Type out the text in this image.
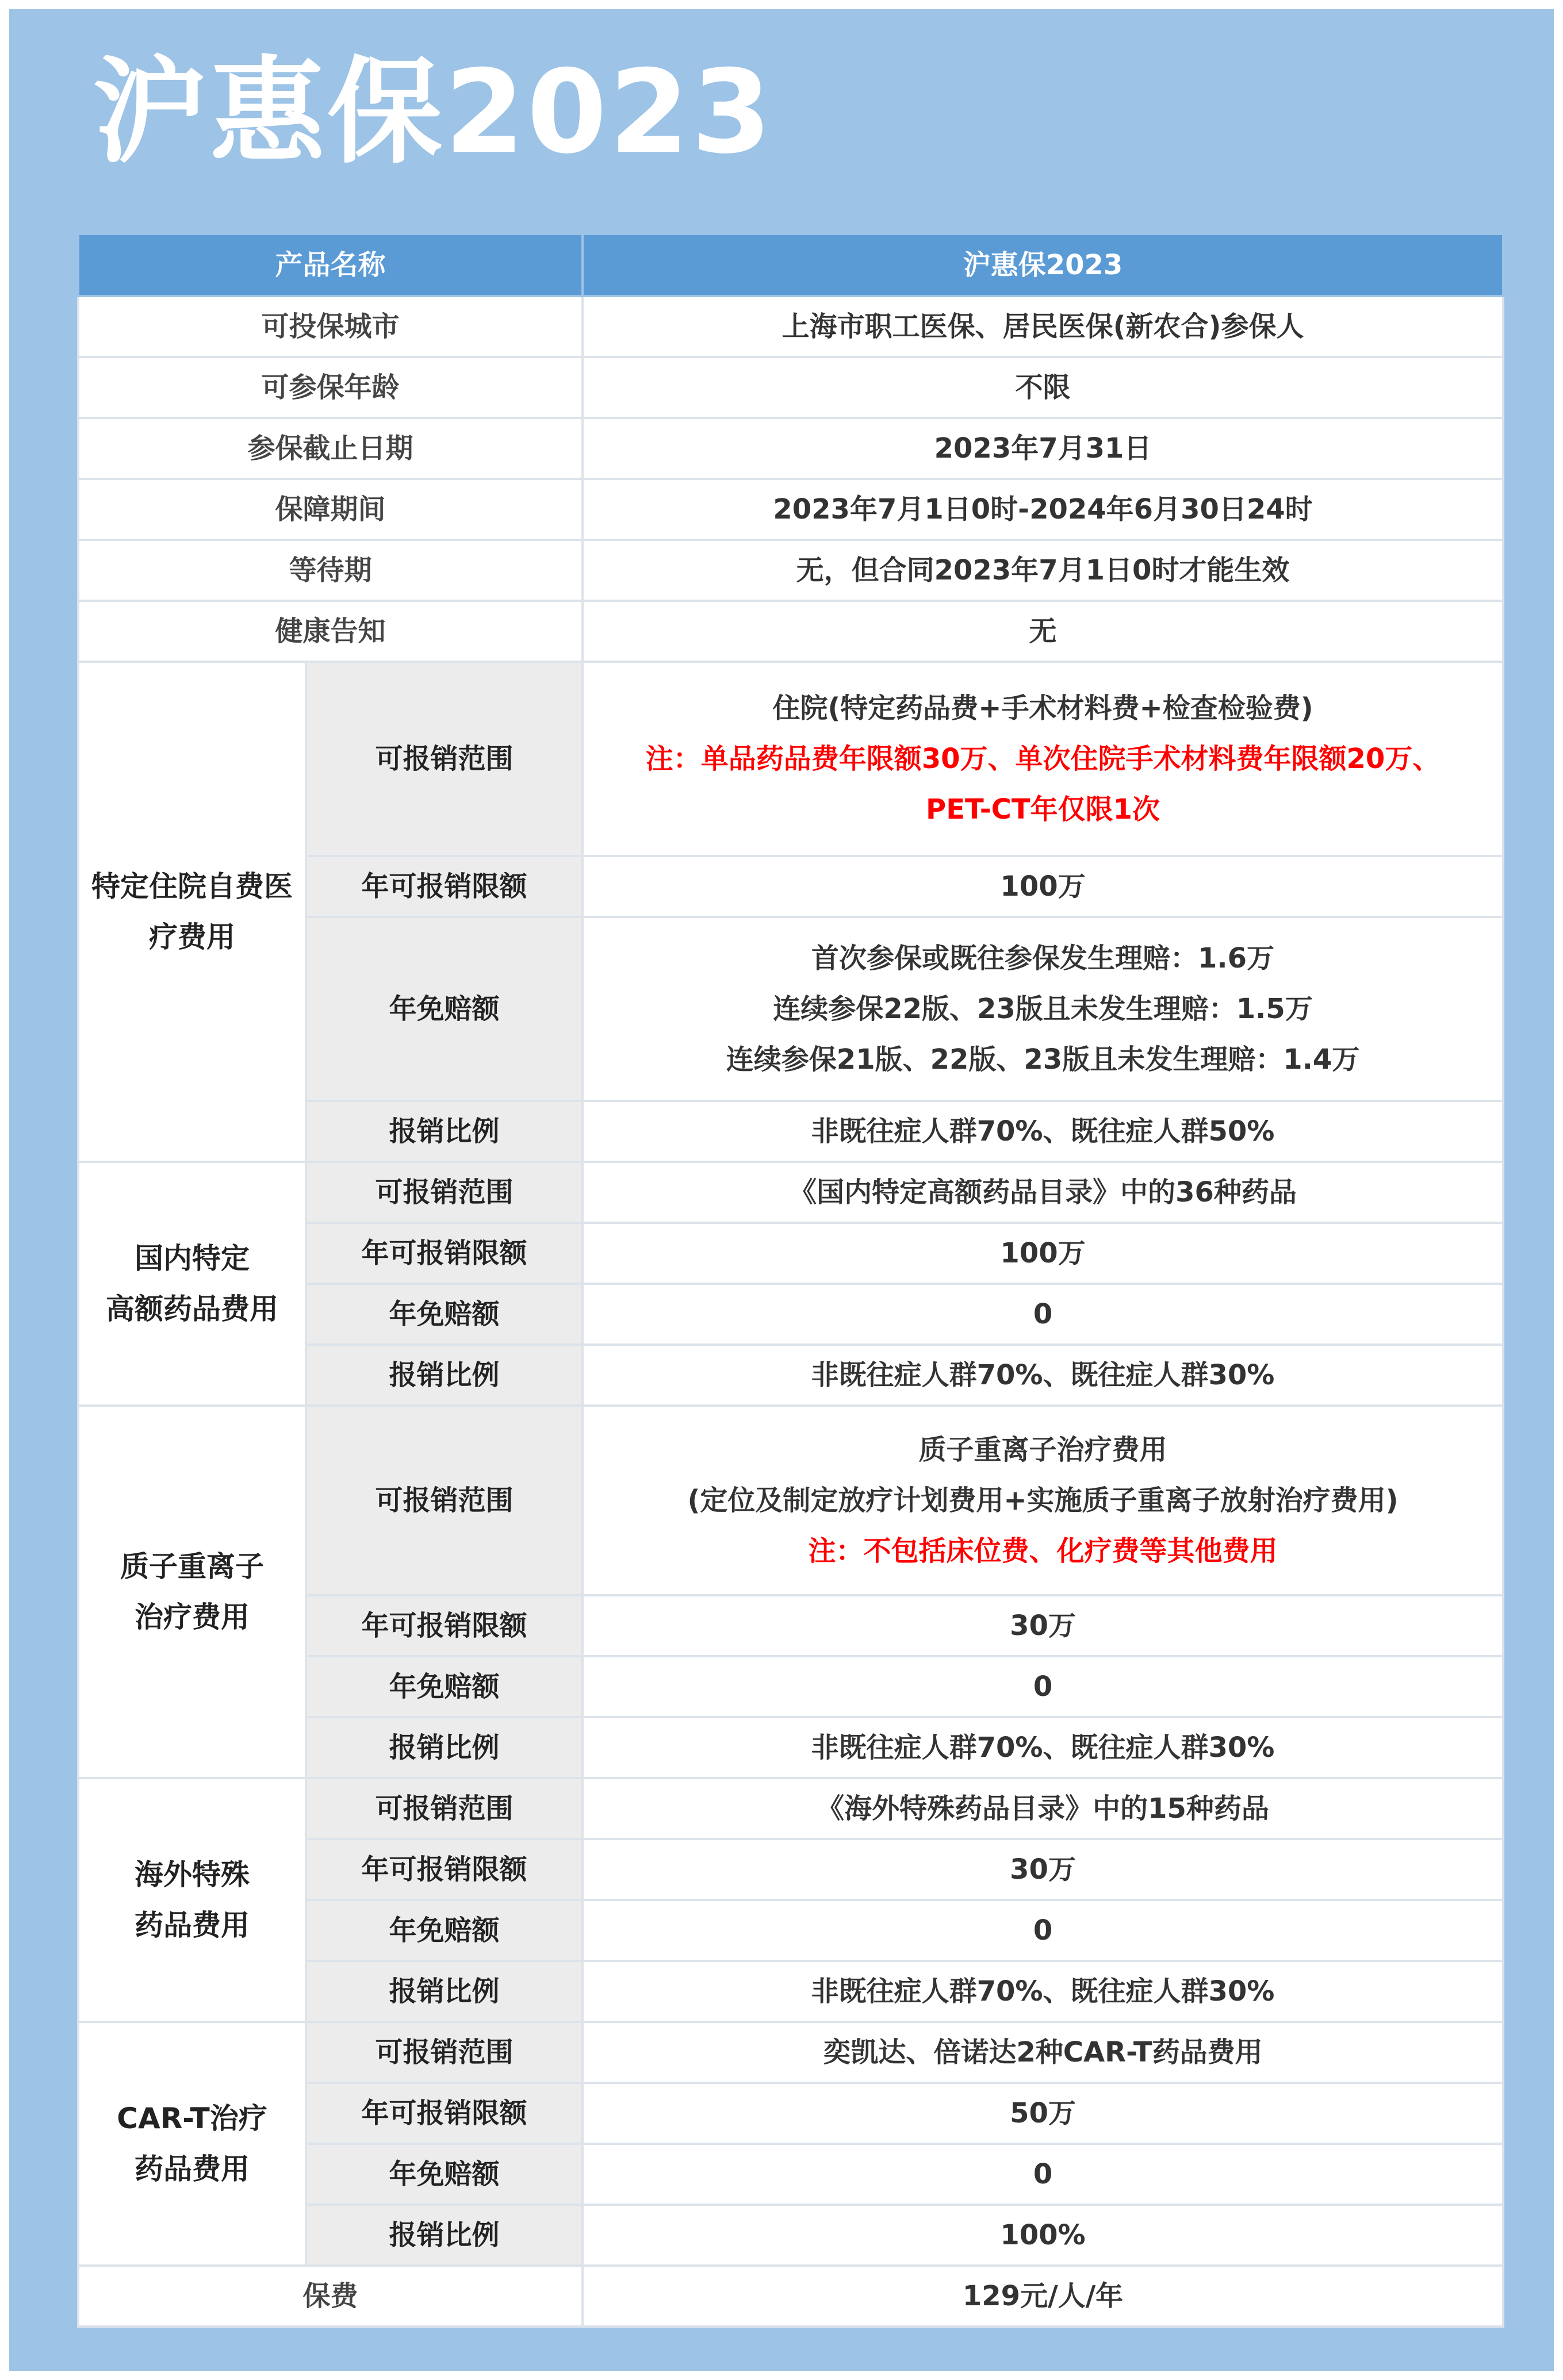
沪惠保2023
产品名称		沪惠保2023
可投保城市		上海市职工医保、居民医保(新农合)参保人
可参保年龄		不限
参保截止日期		2023年7月31日
保障期间		2023年7月1日0时-2024年6月30日24时
等待期		无，但合同2023年7月1日0时才能生效
健康告知		无

特定住院自费医
疗费用	可报销范围	住院(特定药品费+手术材料费+检查检验费)
注：单品药品费年限额30万、单次住院手术材料费年限额20万、
PET-CT年仅限1次

	年可报销限额	100万
	年免赔额	首次参保或既往参保发生理赔：1.6万
连续参保22版、23版且未发生理赔：1.5万
连续参保21版、22版、23版且未发生理赔：1.4万

	报销比例	非既往症人群70%、既往症人群50%

国内特定
高额药品费用	可报销范围	《国内特定高额药品目录》中的36种药品
	年可报销限额	100万
	年免赔额	0
	报销比例	非既往症人群70%、既往症人群30%

质子重离子
治疗费用	可报销范围	质子重离子治疗费用
(定位及制定放疗计划费用+实施质子重离子放射治疗费用)
注：不包括床位费、化疗费等其他费用

	年可报销限额	30万
	年免赔额	0
	报销比例	非既往症人群70%、既往症人群30%

海外特殊
药品费用	可报销范围	《海外特殊药品目录》中的15种药品
	年可报销限额	30万
	年免赔额	0
	报销比例	非既往症人群70%、既往症人群30%

CAR-T治疗
药品费用	可报销范围	奕凯达、倍诺达2种CAR-T药品费用
	年可报销限额	50万
	年免赔额	0
	报销比例	100%
保费		129元/人/年
